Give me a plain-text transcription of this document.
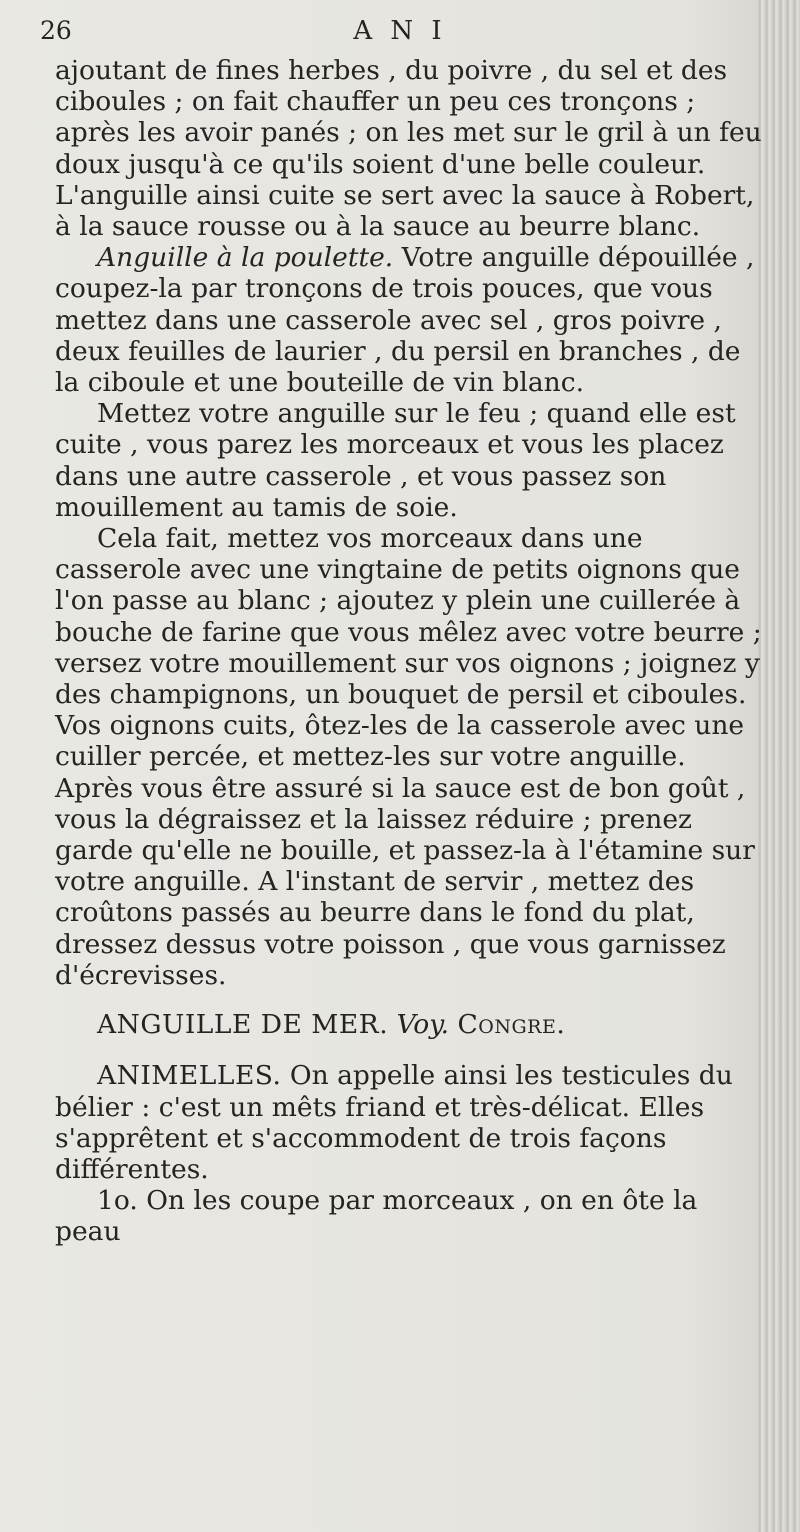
26	A N I

ajoutant de fines herbes , du poivre , du sel et des ciboules ; on fait chauffer un peu ces tronçons ; après les avoir panés ; on les met sur le gril à un feu doux jusqu'à ce qu'ils soient d'une belle couleur. L'anguille ainsi cuite se sert avec la sauce à Robert, à la sauce rousse ou à la sauce au beurre blanc.

Anguille à la poulette. Votre anguille dépouillée , coupez-la par tronçons de trois pouces, que vous mettez dans une casserole avec sel , gros poivre , deux feuilles de laurier , du persil en branches , de la ciboule et une bouteille de vin blanc.

Mettez votre anguille sur le feu ; quand elle est cuite , vous parez les morceaux et vous les placez dans une autre casserole , et vous passez son mouillement au tamis de soie.

Cela fait, mettez vos morceaux dans une casserole avec une vingtaine de petits oignons que l'on passe au blanc ; ajoutez y plein une cuillerée à bouche de farine que vous mêlez avec votre beurre ; versez votre mouillement sur vos oignons ; joignez y des champignons, un bouquet de persil et ciboules. Vos oignons cuits, ôtez-les de la casserole avec une cuiller percée, et mettez-les sur votre anguille. Après vous être assuré si la sauce est de bon goût , vous la dégraissez et la laissez réduire ; prenez garde qu'elle ne bouille, et passez-la à l'étamine sur votre anguille. A l'instant de servir , mettez des croûtons passés au beurre dans le fond du plat, dressez dessus votre poisson , que vous garnissez d'écrevisses.

ANGUILLE DE MER. Voy. Congre.

ANIMELLES. On appelle ainsi les testicules du bélier : c'est un mêts friand et très-délicat. Elles s'apprêtent et s'accommodent de trois façons différentes.

1o. On les coupe par morceaux , on en ôte la peau
